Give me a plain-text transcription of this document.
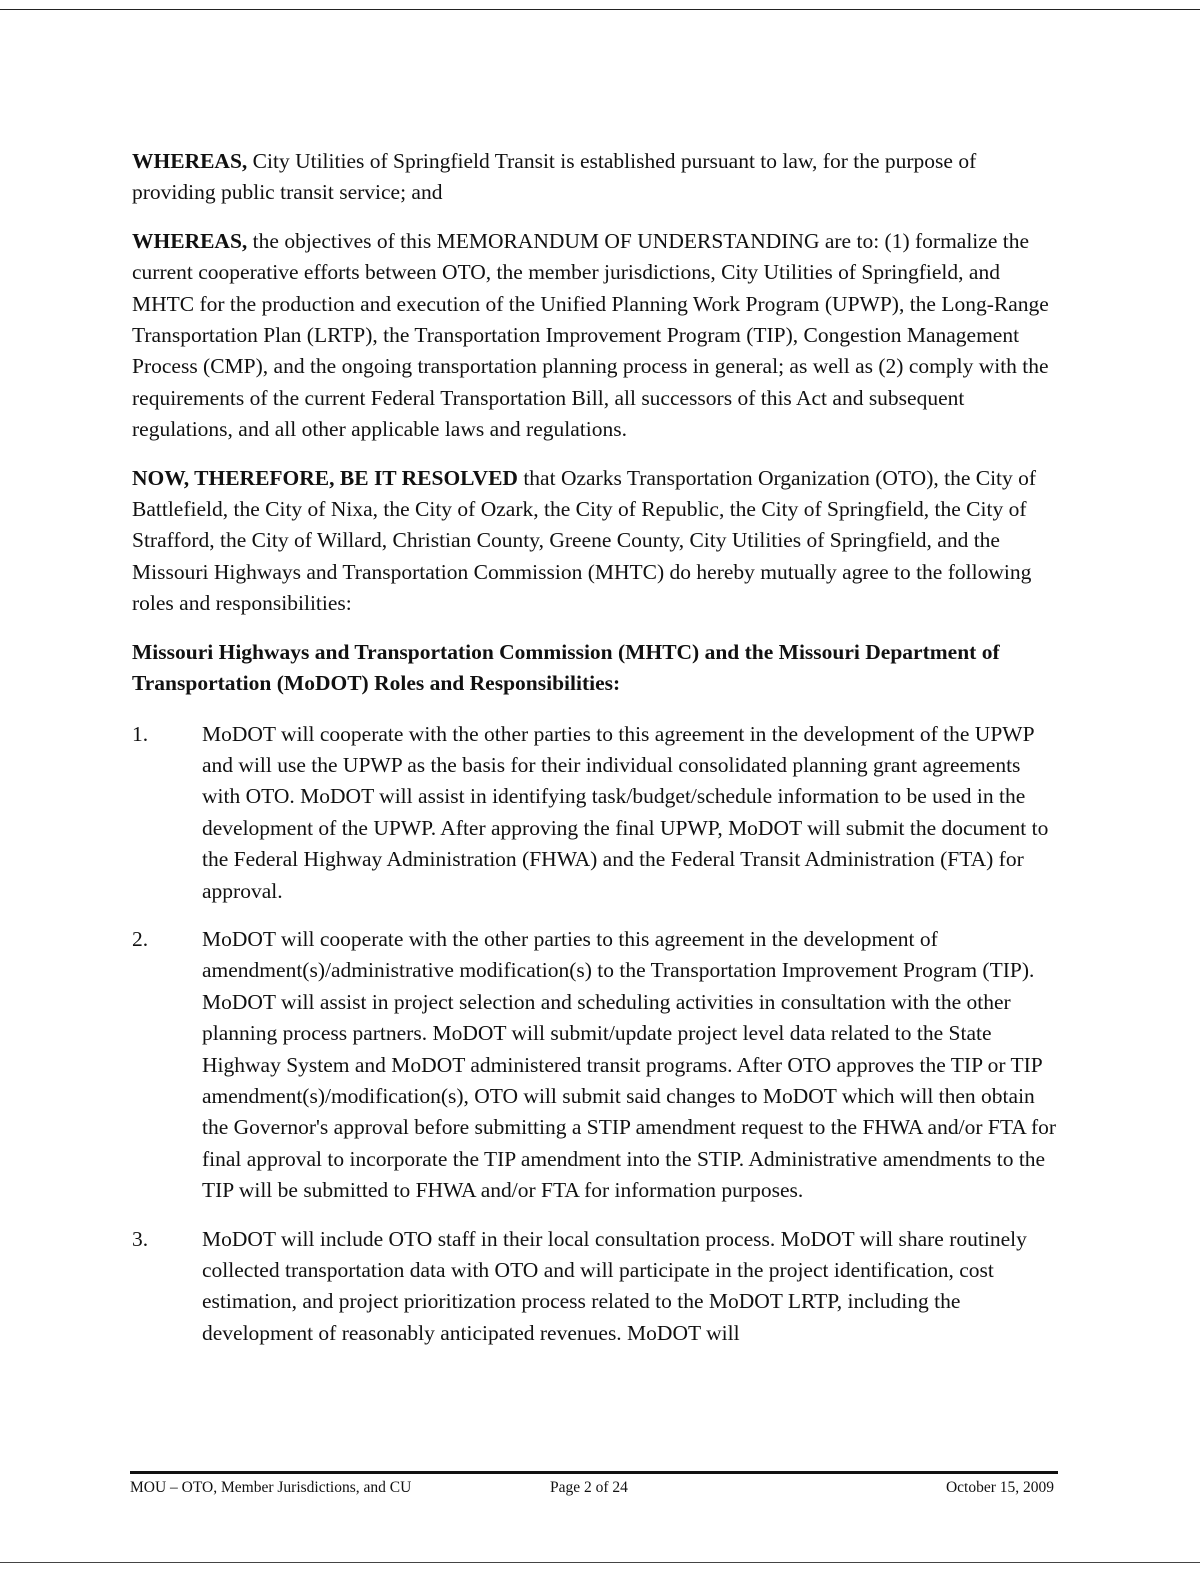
WHEREAS, City Utilities of Springfield Transit is established pursuant to law, for the purpose of providing public transit service; and

WHEREAS, the objectives of this MEMORANDUM OF UNDERSTANDING are to: (1) formalize the current cooperative efforts between OTO, the member jurisdictions, City Utilities of Springfield, and MHTC for the production and execution of the Unified Planning Work Program (UPWP), the Long-Range Transportation Plan (LRTP), the Transportation Improvement Program (TIP), Congestion Management Process (CMP), and the ongoing transportation planning process in general; as well as (2) comply with the requirements of the current Federal Transportation Bill, all successors of this Act and subsequent regulations, and all other applicable laws and regulations.

NOW, THEREFORE, BE IT RESOLVED that Ozarks Transportation Organization (OTO), the City of Battlefield, the City of Nixa, the City of Ozark, the City of Republic, the City of Springfield, the City of Strafford, the City of Willard, Christian County, Greene County, City Utilities of Springfield, and the Missouri Highways and Transportation Commission (MHTC) do hereby mutually agree to the following roles and responsibilities:

Missouri Highways and Transportation Commission (MHTC) and the Missouri Department of Transportation (MoDOT) Roles and Responsibilities:

1.	MoDOT will cooperate with the other parties to this agreement in the development of the UPWP and will use the UPWP as the basis for their individual consolidated planning grant agreements with OTO. MoDOT will assist in identifying task/budget/schedule information to be used in the development of the UPWP. After approving the final UPWP, MoDOT will submit the document to the Federal Highway Administration (FHWA) and the Federal Transit Administration (FTA) for approval.
2.	MoDOT will cooperate with the other parties to this agreement in the development of amendment(s)/administrative modification(s) to the Transportation Improvement Program (TIP). MoDOT will assist in project selection and scheduling activities in consultation with the other planning process partners. MoDOT will submit/update project level data related to the State Highway System and MoDOT administered transit programs. After OTO approves the TIP or TIP amendment(s)/modification(s), OTO will submit said changes to MoDOT which will then obtain the Governor's approval before submitting a STIP amendment request to the FHWA and/or FTA for final approval to incorporate the TIP amendment into the STIP. Administrative amendments to the TIP will be submitted to FHWA and/or FTA for information purposes.
3.	MoDOT will include OTO staff in their local consultation process. MoDOT will share routinely collected transportation data with OTO and will participate in the project identification, cost estimation, and project prioritization process related to the MoDOT LRTP, including the development of reasonably anticipated revenues. MoDOT will
MOU – OTO, Member Jurisdictions, and CU	Page 2 of 24	October 15, 2009
